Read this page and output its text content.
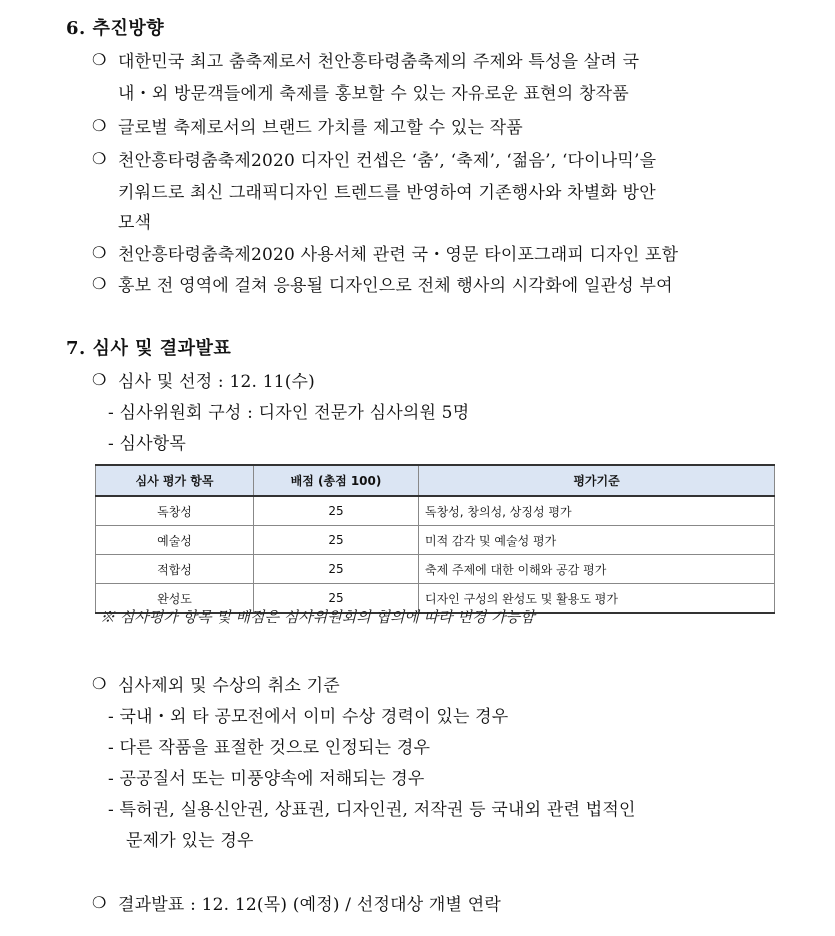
6. 추진방향
❍ 대한민국 최고 춤축제로서 천안흥타령춤축제의 주제와 특성을 살려 국
내・외 방문객들에게 축제를 홍보할 수 있는 자유로운 표현의 창작품
❍ 글로벌 축제로서의 브랜드 가치를 제고할 수 있는 작품
❍ 천안흥타령춤축제2020 디자인 컨셉은 ‘춤’, ‘축제’, ‘젊음’, ‘다이나믹’을
키워드로 최신 그래픽디자인 트렌드를 반영하여 기존행사와 차별화 방안
모색
❍ 천안흥타령춤축제2020 사용서체 관련 국・영문 타이포그래피 디자인 포함
❍ 홍보 전 영역에 걸쳐 응용될 디자인으로 전체 행사의 시각화에 일관성 부여
7. 심사 및 결과발표
❍ 심사 및 선정 : 12. 11(수)
- 심사위원회 구성 : 디자인 전문가 심사의원 5명
- 심사항목
심사 평가 항목	배점 (총점 100)	평가기준
독창성	25	독창성, 창의성, 상징성 평가
예술성	25	미적 감각 및 예술성 평가
적합성	25	축제 주제에 대한 이해와 공감 평가
완성도	25	디자인 구성의 완성도 및 활용도 평가
※ 심사평가 항목 및 배점은 심사위원회의 협의에 따라 변경 가능함
❍ 심사제외 및 수상의 취소 기준
- 국내・외 타 공모전에서 이미 수상 경력이 있는 경우
- 다른 작품을 표절한 것으로 인정되는 경우
- 공공질서 또는 미풍양속에 저해되는 경우
- 특허권, 실용신안권, 상표권, 디자인권, 저작권 등 국내외 관련 법적인
문제가 있는 경우
❍ 결과발표 : 12. 12(목) (예정) / 선정대상 개별 연락
